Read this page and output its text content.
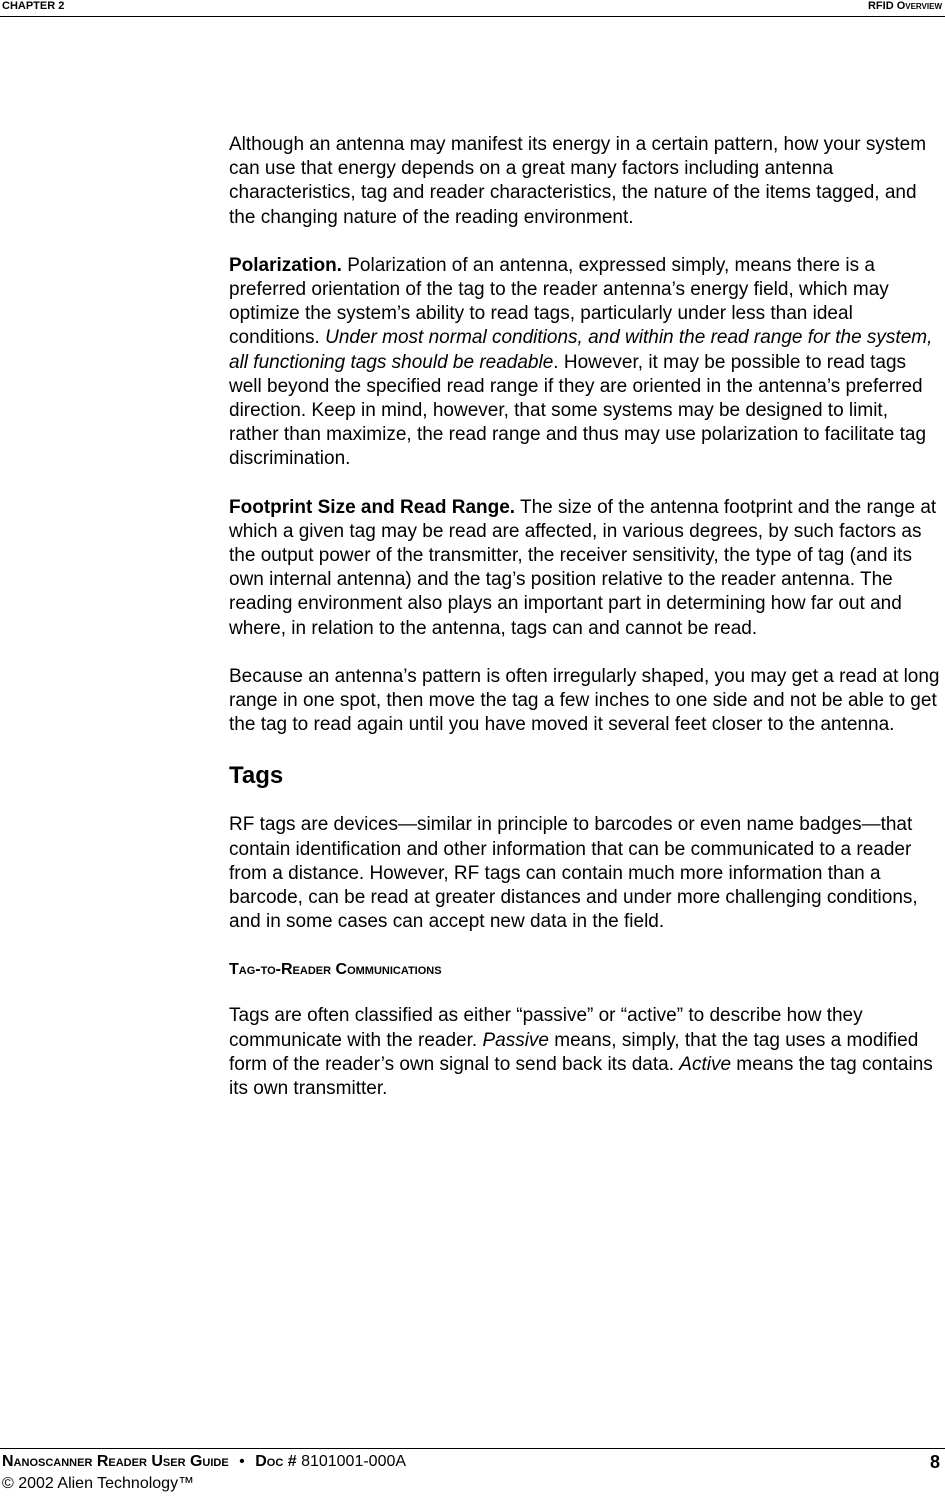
CHAPTER 2	RFID Overview

Although an antenna may manifest its energy in a certain pattern, how your system can use that energy depends on a great many factors including antenna characteristics, tag and reader characteristics, the nature of the items tagged, and the changing nature of the reading environment.

Polarization. Polarization of an antenna, expressed simply, means there is a preferred orientation of the tag to the reader antenna’s energy field, which may optimize the system’s ability to read tags, particularly under less than ideal conditions. Under most normal conditions, and within the read range for the system, all functioning tags should be readable. However, it may be possible to read tags well beyond the specified read range if they are oriented in the antenna’s preferred direction. Keep in mind, however, that some systems may be designed to limit, rather than maximize, the read range and thus may use polarization to facilitate tag discrimination.

Footprint Size and Read Range. The size of the antenna footprint and the range at which a given tag may be read are affected, in various degrees, by such factors as the output power of the transmitter, the receiver sensitivity, the type of tag (and its own internal antenna) and the tag’s position relative to the reader antenna. The reading environment also plays an important part in determining how far out and where, in relation to the antenna, tags can and cannot be read.

Because an antenna’s pattern is often irregularly shaped, you may get a read at long range in one spot, then move the tag a few inches to one side and not be able to get the tag to read again until you have moved it several feet closer to the antenna.

Tags

RF tags are devices—similar in principle to barcodes or even name badges—that contain identification and other information that can be communicated to a reader from a distance. However, RF tags can contain much more information than a barcode, can be read at greater distances and under more challenging conditions, and in some cases can accept new data in the field.

Tag-to-Reader Communications

Tags are often classified as either “passive” or “active” to describe how they communicate with the reader. Passive means, simply, that the tag uses a modified form of the reader’s own signal to send back its data. Active means the tag contains its own transmitter.

Nanoscanner Reader User Guide • Doc # 8101001-000A	8
© 2002 Alien Technology™
